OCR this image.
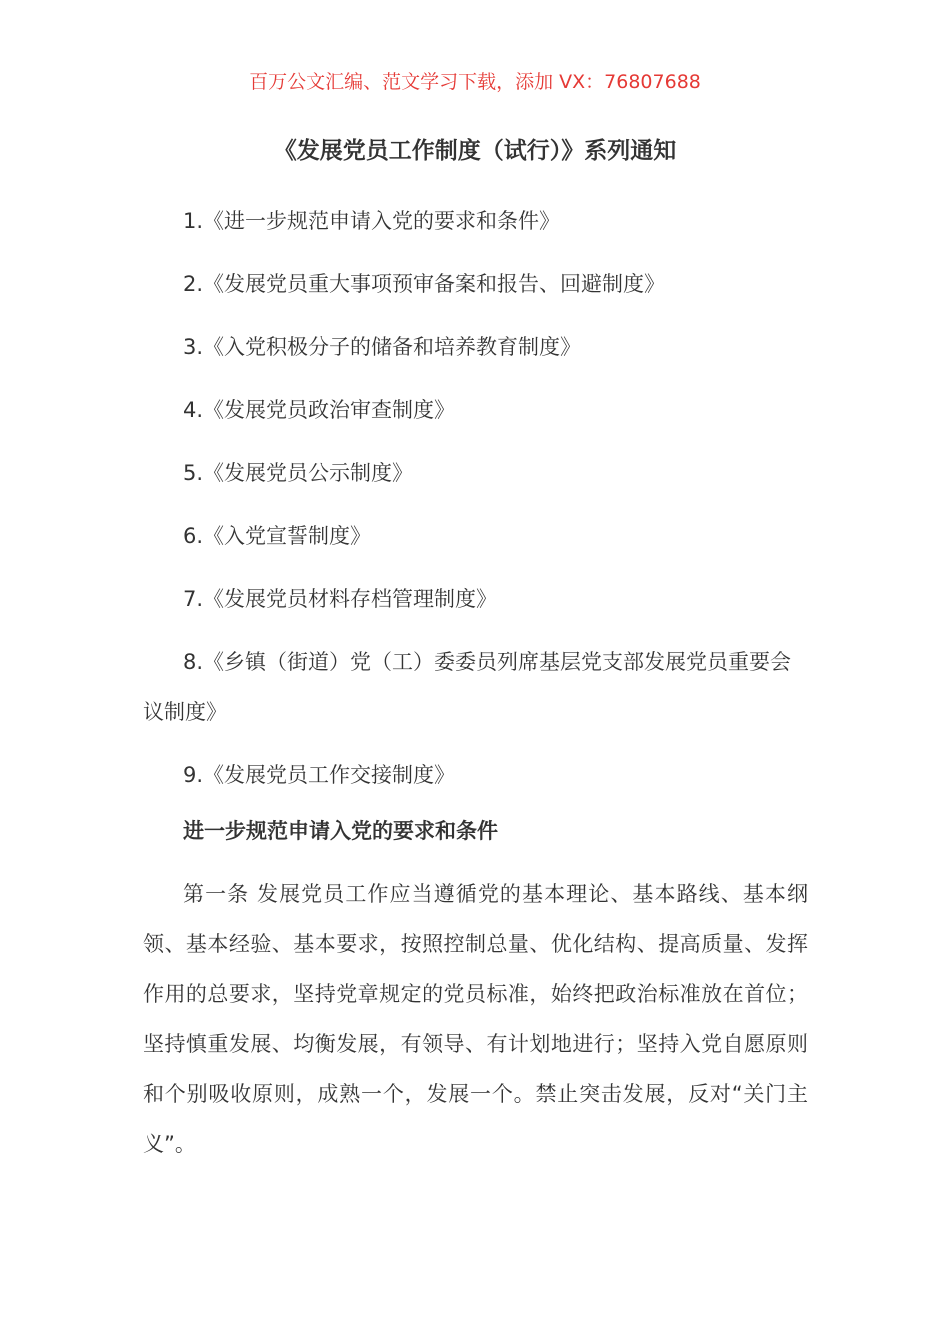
百万公文汇编、范文学习下载，添加 VX：76807688

《发展党员工作制度（试行）》系列通知
1.《进一步规范申请入党的要求和条件》
2.《发展党员重大事项预审备案和报告、回避制度》
3.《入党积极分子的储备和培养教育制度》
4.《发展党员政治审查制度》
5.《发展党员公示制度》
6.《入党宣誓制度》
7.《发展党员材料存档管理制度》
8.《乡镇（街道）党（工）委委员列席基层党支部发展党员重要会议制度》
9.《发展党员工作交接制度》
进一步规范申请入党的要求和条件

第一条 发展党员工作应当遵循党的基本理论、基本路线、基本纲领、基本经验、基本要求，按照控制总量、优化结构、提高质量、发挥作用的总要求，坚持党章规定的党员标准，始终把政治标准放在首位；坚持慎重发展、均衡发展，有领导、有计划地进行；坚持入党自愿原则和个别吸收原则，成熟一个，发展一个。禁止突击发展，反对“关门主义”。
